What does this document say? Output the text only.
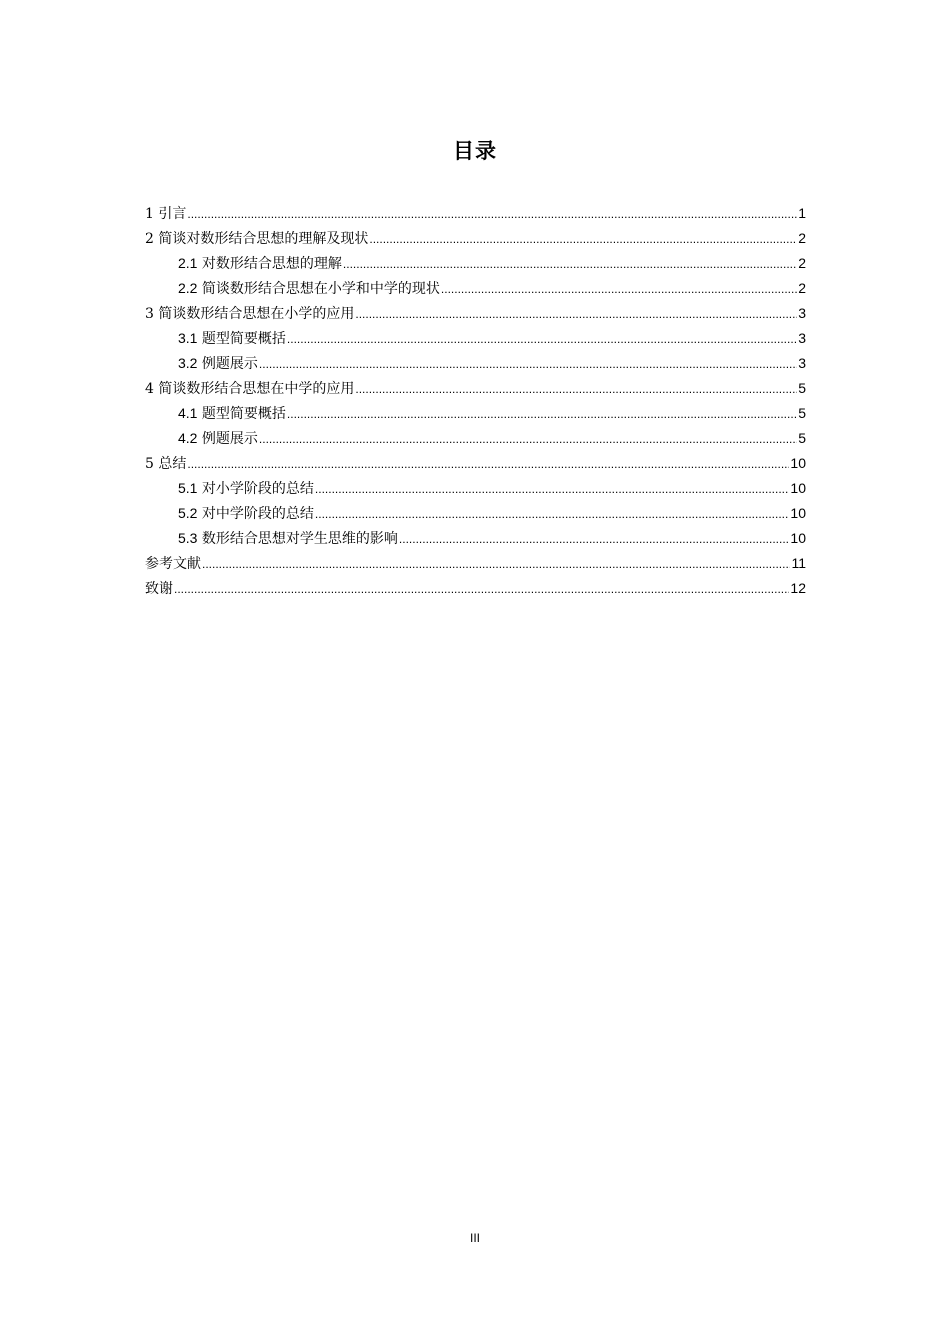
目录
1 引言 .....	1
2 简谈对数形结合思想的理解及现状 .....	2
2.1 对数形结合思想的理解 .....	2
2.2 简谈数形结合思想在小学和中学的现状 .....	2
3 简谈数形结合思想在小学的应用 .....	3
3.1 题型简要概括 .....	3
3.2 例题展示 .....	3
4 简谈数形结合思想在中学的应用 .....	5
4.1 题型简要概括 .....	5
4.2 例题展示 .....	5
5 总结 .....	10
5.1 对小学阶段的总结 .....	10
5.2 对中学阶段的总结 .....	10
5.3 数形结合思想对学生思维的影响 .....	10
参考文献 .....	11
致谢 .....	12
III
